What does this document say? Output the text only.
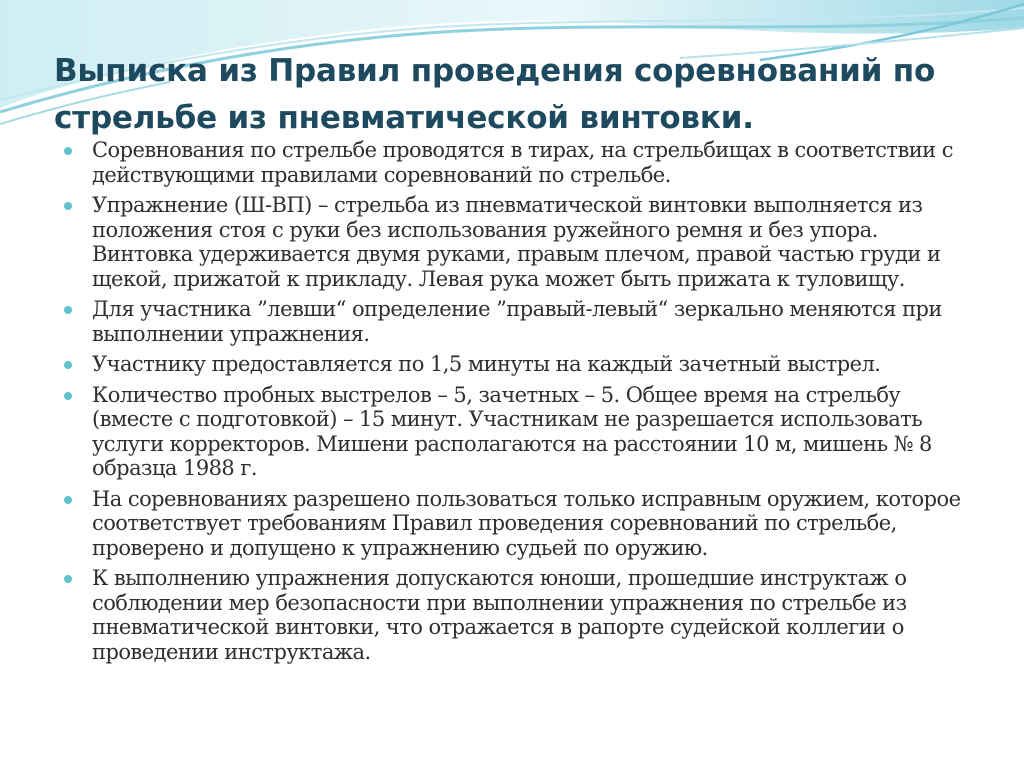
Выписка из Правил проведения соревнований по стрельбе из пневматической винтовки.
Соревнования по стрельбе проводятся в тирах, на стрельбищах в соответствии с действующими правилами соревнований по стрельбе.
Упражнение (Ш-ВП) – стрельба из пневматической винтовки выполняется из положения стоя с руки без использования ружейного ремня и без упора. Винтовка удерживается двумя руками, правым плечом, правой частью груди и щекой, прижатой к прикладу. Левая рука может быть прижата к туловищу.
Для участника ”левши“ определение ”правый-левый“ зеркально меняются при выполнении упражнения.
Участнику предоставляется по 1,5 минуты на каждый зачетный выстрел.
Количество пробных выстрелов – 5, зачетных – 5. Общее время на стрельбу (вместе с подготовкой) – 15 минут. Участникам не разрешается использовать услуги корректоров. Мишени располагаются на расстоянии 10 м, мишень № 8 образца 1988 г.
На соревнованиях разрешено пользоваться только исправным оружием, которое соответствует требованиям Правил проведения соревнований по стрельбе, проверено и допущено к упражнению судьей по оружию.
К выполнению упражнения допускаются юноши, прошедшие инструктаж о соблюдении мер безопасности при выполнении упражнения по стрельбе из пневматической винтовки, что отражается в рапорте судейской коллегии о проведении инструктажа.
